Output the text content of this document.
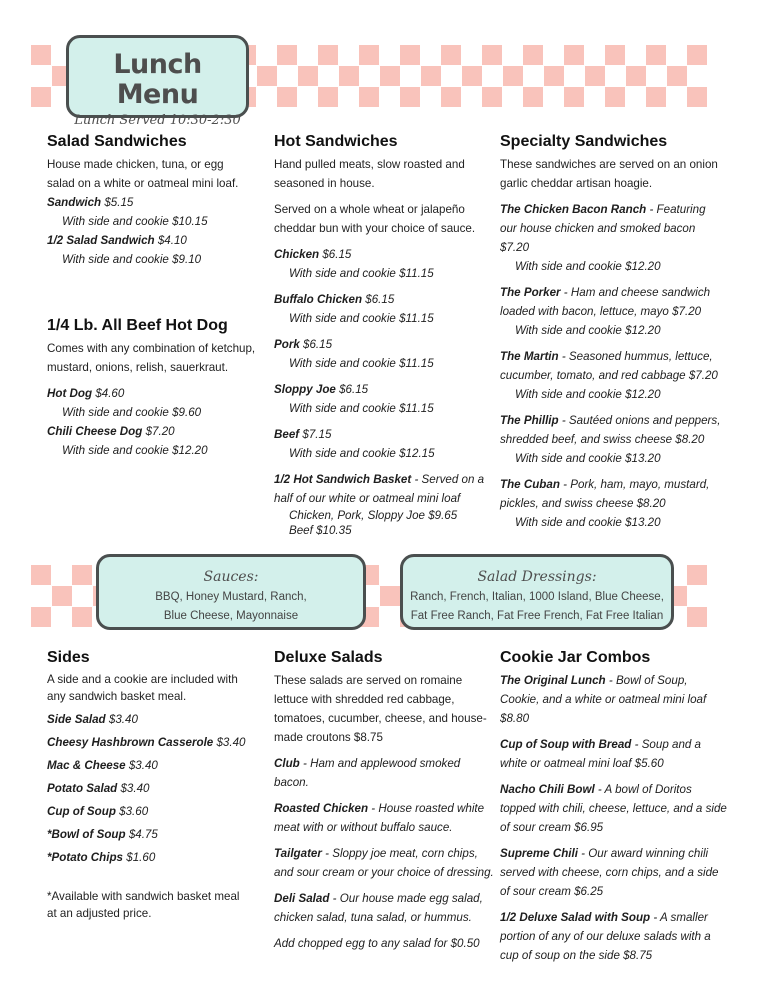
Lunch Menu
Lunch Served 10:30-2:30
Salad Sandwiches
House made chicken, tuna, or egg salad on a white or oatmeal mini loaf.
Sandwich $5.15
With side and cookie $10.15
1/2 Salad Sandwich $4.10
With side and cookie $9.10
1/4 Lb. All Beef Hot Dog
Comes with any combination of ketchup, mustard, onions, relish, sauerkraut.
Hot Dog $4.60
With side and cookie $9.60
Chili Cheese Dog $7.20
With side and cookie $12.20
Hot Sandwiches
Hand pulled meats, slow roasted and seasoned in house.
Served on a whole wheat or jalapeño cheddar bun with your choice of sauce.
Chicken $6.15
With side and cookie $11.15
Buffalo Chicken $6.15
With side and cookie $11.15
Pork $6.15
With side and cookie $11.15
Sloppy Joe $6.15
With side and cookie $11.15
Beef $7.15
With side and cookie $12.15
1/2 Hot Sandwich Basket - Served on a half of our white or oatmeal mini loaf
Chicken, Pork, Sloppy Joe $9.65
Beef $10.35
Specialty Sandwiches
These sandwiches are served on an onion garlic cheddar artisan hoagie.
The Chicken Bacon Ranch - Featuring our house chicken and smoked bacon $7.20
With side and cookie $12.20
The Porker - Ham and cheese sandwich loaded with bacon, lettuce, mayo $7.20
With side and cookie $12.20
The Martin - Seasoned hummus, lettuce, cucumber, tomato, and red cabbage $7.20
With side and cookie $12.20
The Phillip - Sautéed onions and peppers, shredded beef, and swiss cheese $8.20
With side and cookie $13.20
The Cuban - Pork, ham, mayo, mustard, pickles, and swiss cheese $8.20
With side and cookie $13.20
Sauces:
BBQ, Honey Mustard, Ranch,
Blue Cheese, Mayonnaise
Salad Dressings:
Ranch, French, Italian, 1000 Island, Blue Cheese,
Fat Free Ranch, Fat Free French, Fat Free Italian
Sides
A side and a cookie are included with any sandwich basket meal.
Side Salad $3.40
Cheesy Hashbrown Casserole $3.40
Mac & Cheese $3.40
Potato Salad $3.40
Cup of Soup $3.60
*Bowl of Soup $4.75
*Potato Chips $1.60
*Available with sandwich basket meal at an adjusted price.
Deluxe Salads
These salads are served on romaine lettuce with shredded red cabbage, tomatoes, cucumber, cheese, and house-made croutons $8.75
Club - Ham and applewood smoked bacon.
Roasted Chicken - House roasted white meat with or without buffalo sauce.
Tailgater - Sloppy joe meat, corn chips, and sour cream or your choice of dressing.
Deli Salad - Our house made egg salad, chicken salad, tuna salad, or hummus.
Add chopped egg to any salad for $0.50
Cookie Jar Combos
The Original Lunch - Bowl of Soup, Cookie, and a white or oatmeal mini loaf $8.80
Cup of Soup with Bread - Soup and a white or oatmeal mini loaf $5.60
Nacho Chili Bowl - A bowl of Doritos topped with chili, cheese, lettuce, and a side of sour cream $6.95
Supreme Chili - Our award winning chili served with cheese, corn chips, and a side of sour cream $6.25
1/2 Deluxe Salad with Soup - A smaller portion of any of our deluxe salads with a cup of soup on the side $8.75
